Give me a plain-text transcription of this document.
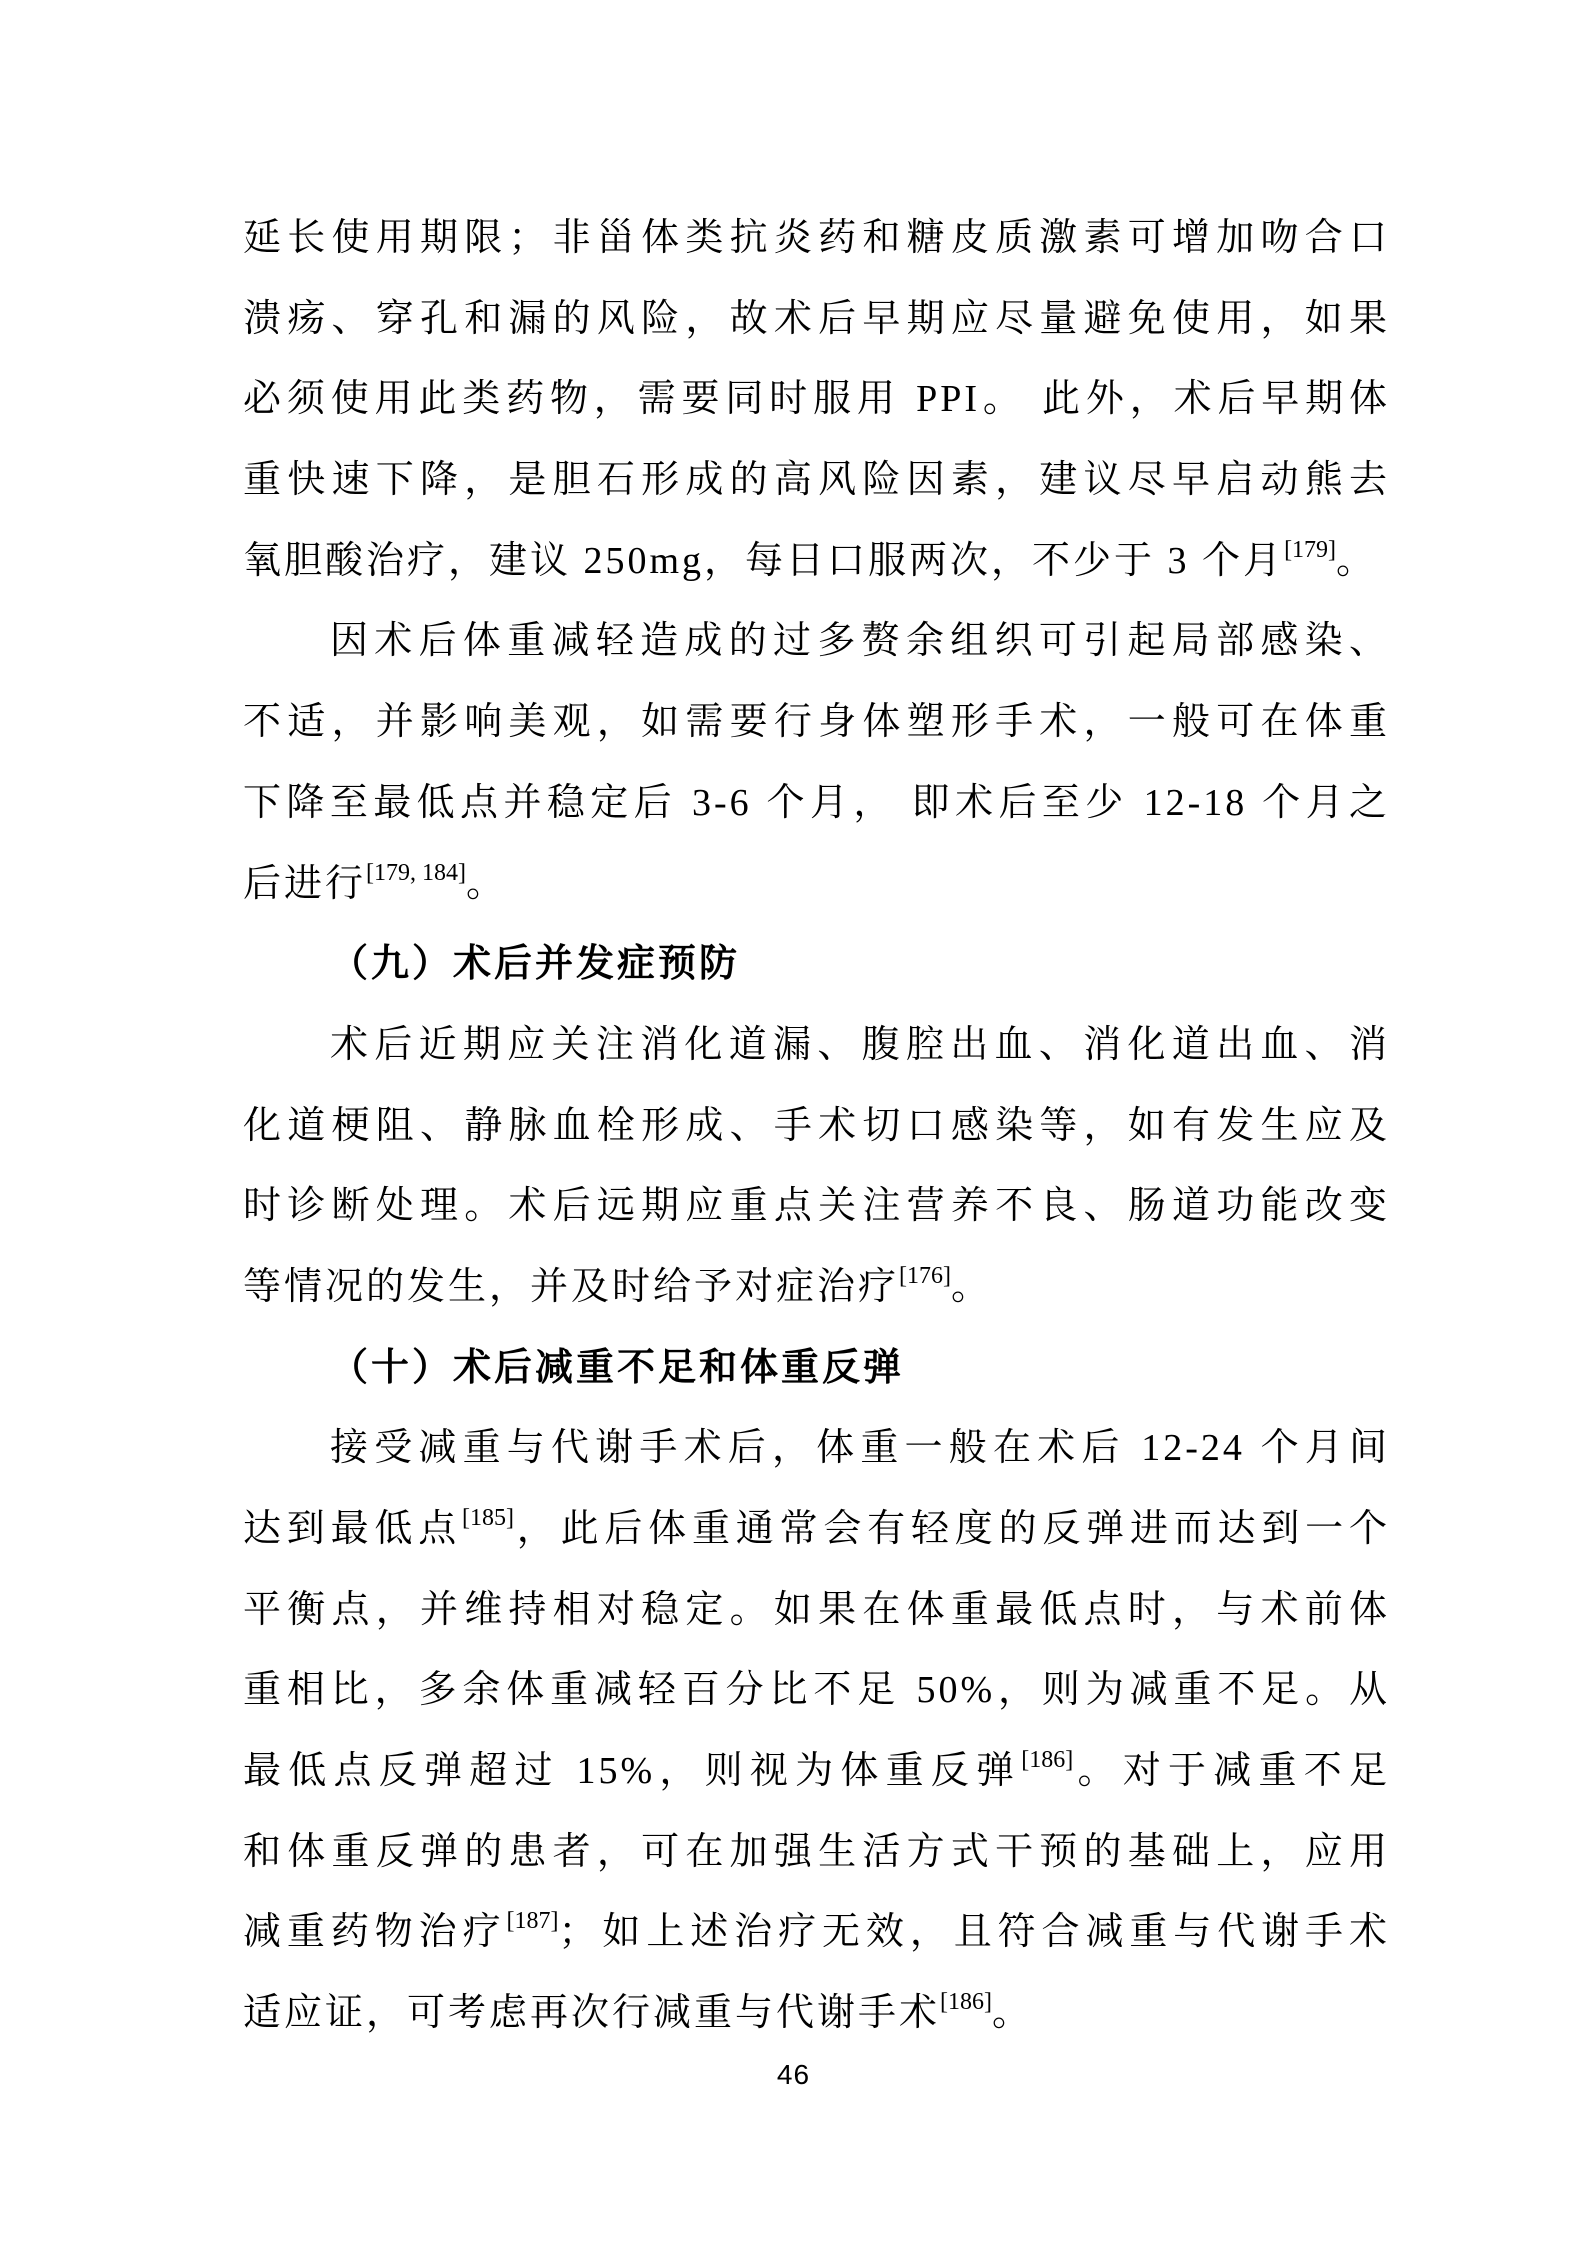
延长使用期限；非甾体类抗炎药和糖皮质激素可增加吻合口
溃疡、穿孔和漏的风险，故术后早期应尽量避免使用，如果
必须使用此类药物，需要同时服用 PPI。 此外，术后早期体
重快速下降，是胆石形成的高风险因素，建议尽早启动熊去
氧胆酸治疗，建议 250mg，每日口服两次，不少于 3 个月[179]。
因术后体重减轻造成的过多赘余组织可引起局部感染、
不适，并影响美观，如需要行身体塑形手术，一般可在体重
下降至最低点并稳定后 3-6 个月， 即术后至少 12-18 个月之
后进行[179, 184]。
（九）术后并发症预防
术后近期应关注消化道漏、腹腔出血、消化道出血、消
化道梗阻、静脉血栓形成、手术切口感染等，如有发生应及
时诊断处理。术后远期应重点关注营养不良、肠道功能改变
等情况的发生，并及时给予对症治疗[176]。
（十）术后减重不足和体重反弹
接受减重与代谢手术后，体重一般在术后 12-24 个月间
达到最低点[185]，此后体重通常会有轻度的反弹进而达到一个
平衡点，并维持相对稳定。如果在体重最低点时，与术前体
重相比，多余体重减轻百分比不足 50%，则为减重不足。从
最低点反弹超过 15%，则视为体重反弹[186]。对于减重不足
和体重反弹的患者，可在加强生活方式干预的基础上，应用
减重药物治疗[187]；如上述治疗无效，且符合减重与代谢手术
适应证，可考虑再次行减重与代谢手术[186]。
46
